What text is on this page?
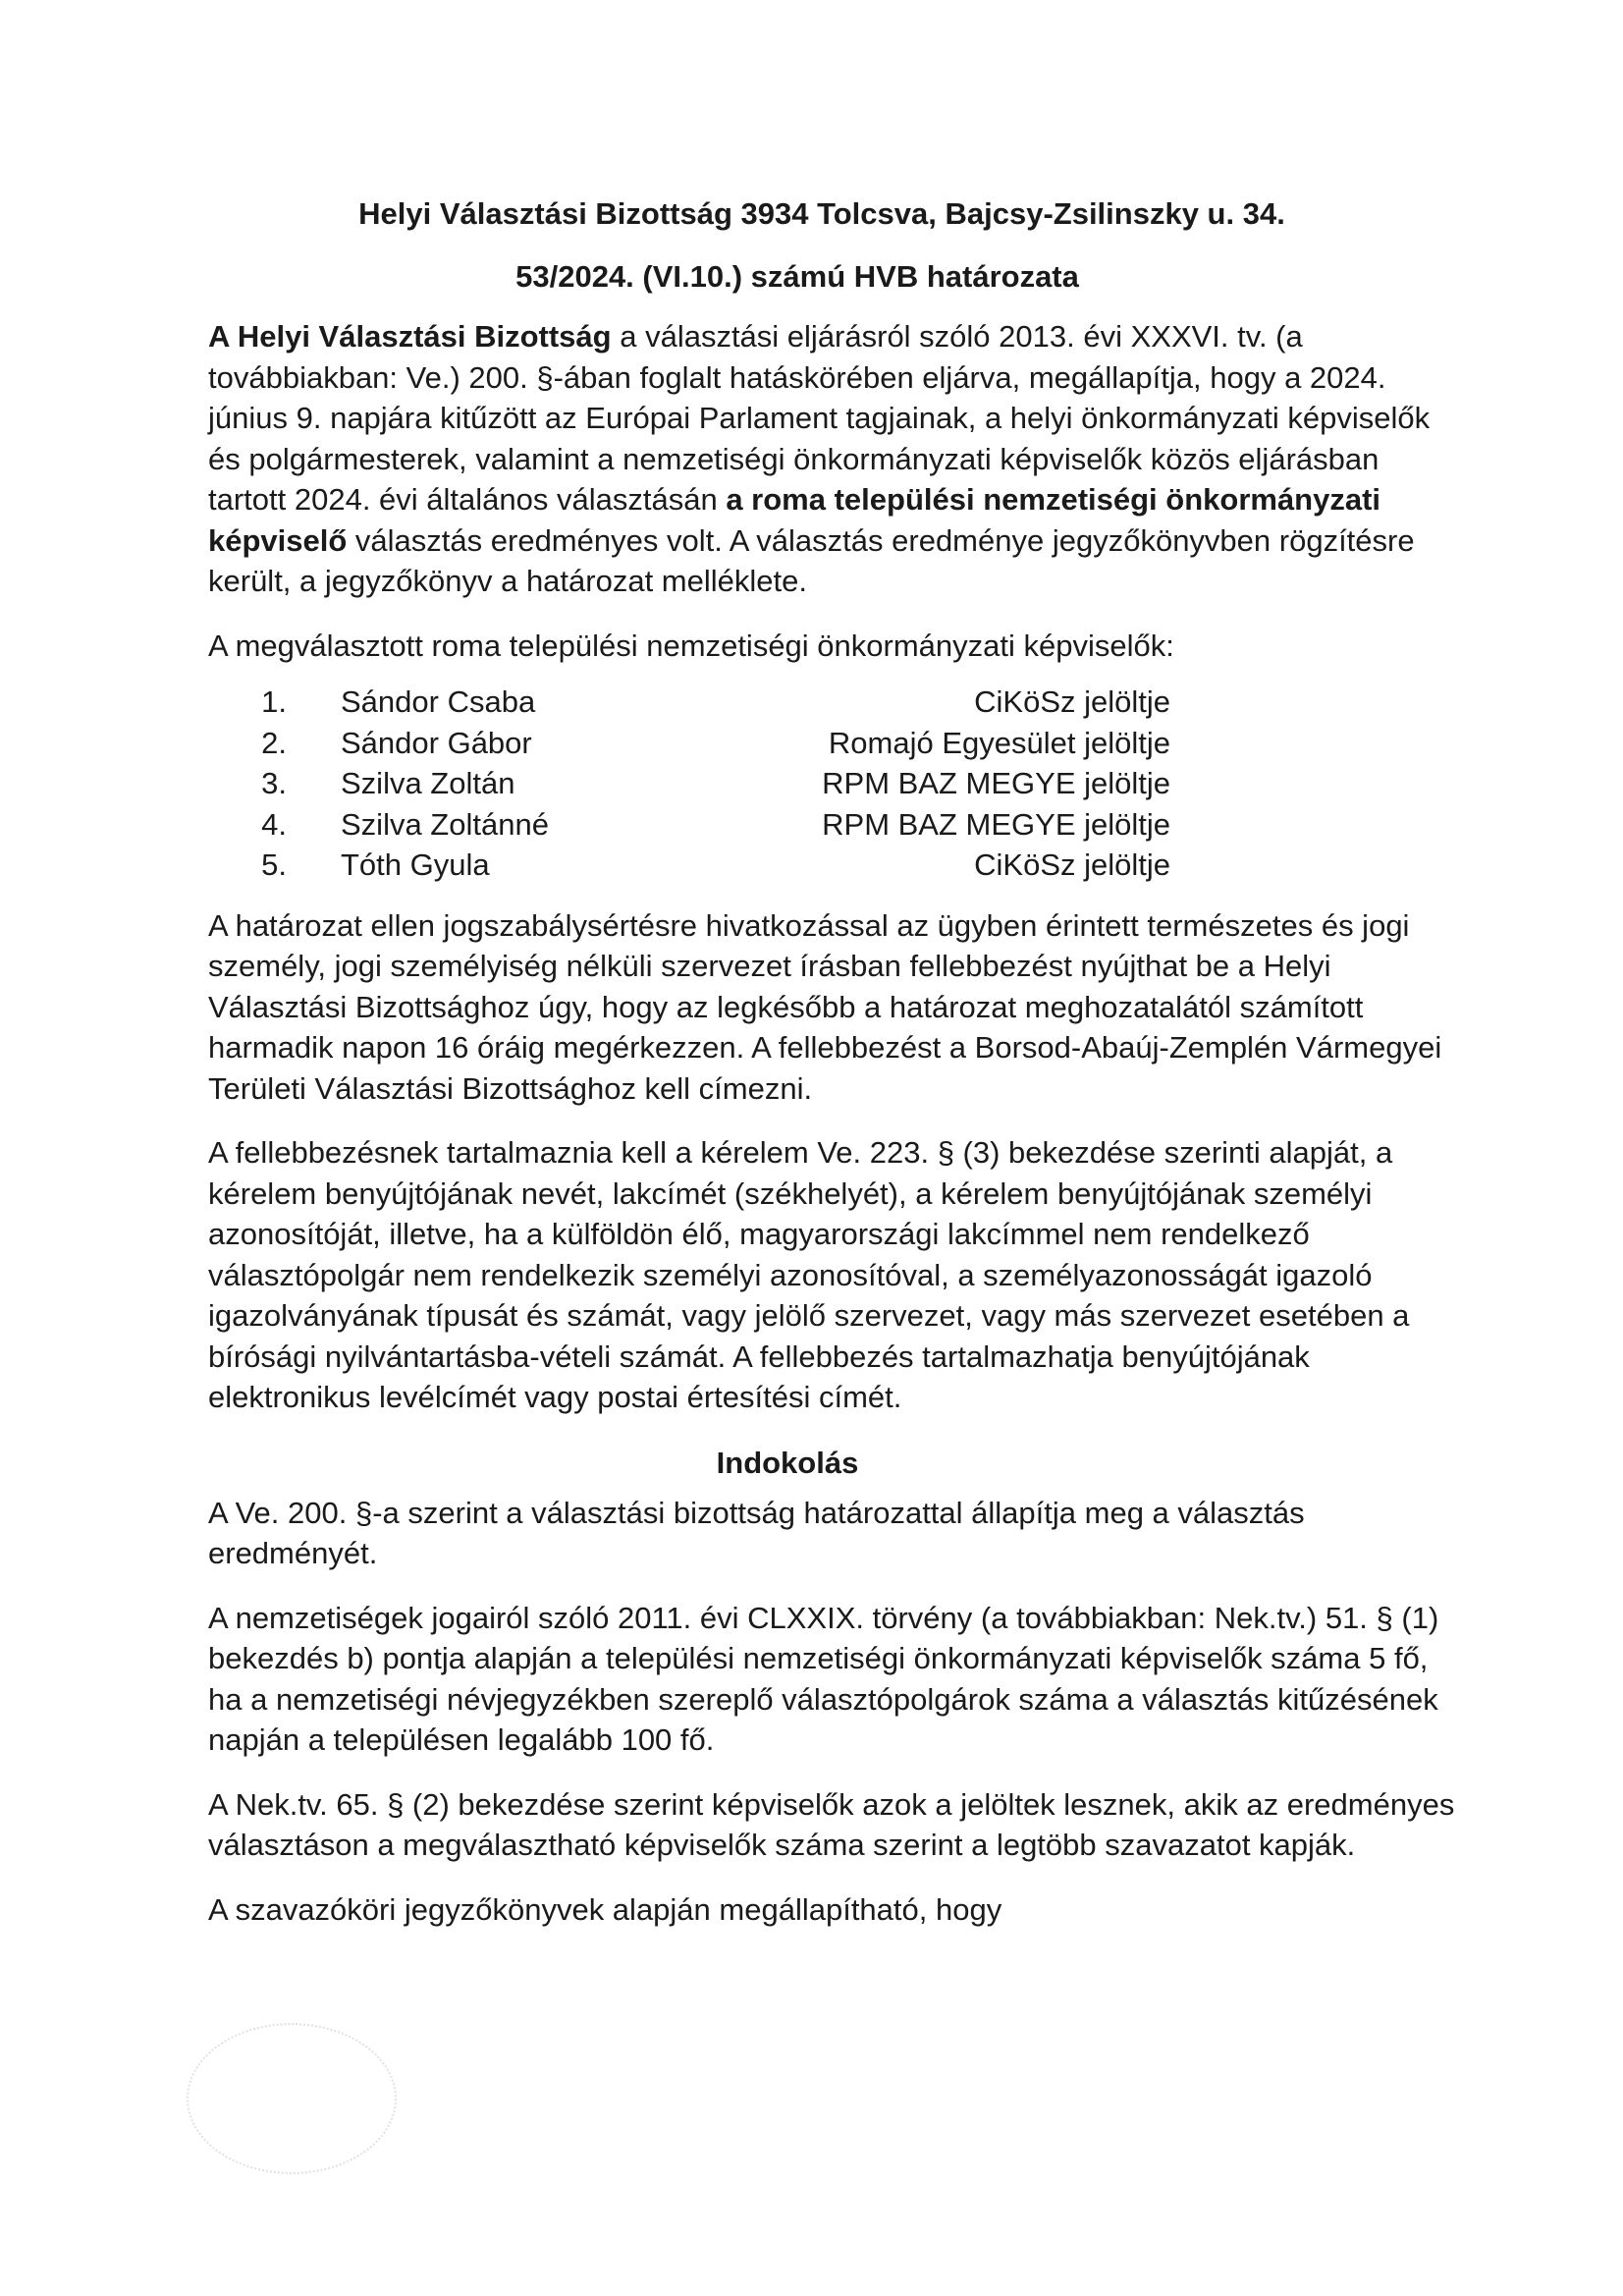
Helyi Választási Bizottság 3934 Tolcsva, Bajcsy-Zsilinszky u. 34.
53/2024. (VI.10.) számú HVB határozata

A Helyi Választási Bizottság a választási eljárásról szóló 2013. évi XXXVI. tv. (a továbbiakban: Ve.) 200. §-ában foglalt hatáskörében eljárva, megállapítja, hogy a 2024. június 9. napjára kitűzött az Európai Parlament tagjainak, a helyi önkormányzati képviselők és polgármesterek, valamint a nemzetiségi önkormányzati képviselők közös eljárásban tartott 2024. évi általános választásán a roma települési nemzetiségi önkormányzati képviselő választás eredményes volt. A választás eredménye jegyzőkönyvben rögzítésre került, a jegyzőkönyv a határozat melléklete.

A megválasztott roma települési nemzetiségi önkormányzati képviselők:

1. Sándor Csaba	CiKöSz jelöltje
2. Sándor Gábor	Romajó Egyesület jelöltje
3. Szilva Zoltán	RPM BAZ MEGYE jelöltje
4. Szilva Zoltánné	RPM BAZ MEGYE jelöltje
5. Tóth Gyula	CiKöSz jelöltje

A határozat ellen jogszabálysértésre hivatkozással az ügyben érintett természetes és jogi személy, jogi személyiség nélküli szervezet írásban fellebbezést nyújthat be a Helyi Választási Bizottsághoz úgy, hogy az legkésőbb a határozat meghozatalától számított harmadik napon 16 óráig megérkezzen. A fellebbezést a Borsod-Abaúj-Zemplén Vármegyei Területi Választási Bizottsághoz kell címezni.

A fellebbezésnek tartalmaznia kell a kérelem Ve. 223. § (3) bekezdése szerinti alapját, a kérelem benyújtójának nevét, lakcímét (székhelyét), a kérelem benyújtójának személyi azonosítóját, illetve, ha a külföldön élő, magyarországi lakcímmel nem rendelkező választópolgár nem rendelkezik személyi azonosítóval, a személyazonosságát igazoló igazolványának típusát és számát, vagy jelölő szervezet, vagy más szervezet esetében a bírósági nyilvántartásba-vételi számát. A fellebbezés tartalmazhatja benyújtójának elektronikus levélcímét vagy postai értesítési címét.

Indokolás

A Ve. 200. §-a szerint a választási bizottság határozattal állapítja meg a választás eredményét.

A nemzetiségek jogairól szóló 2011. évi CLXXIX. törvény (a továbbiakban: Nek.tv.) 51. § (1) bekezdés b) pontja alapján a települési nemzetiségi önkormányzati képviselők száma 5 fő, ha a nemzetiségi névjegyzékben szereplő választópolgárok száma a választás kitűzésének napján a településen legalább 100 fő.

A Nek.tv. 65. § (2) bekezdése szerint képviselők azok a jelöltek lesznek, akik az eredményes választáson a megválasztható képviselők száma szerint a legtöbb szavazatot kapják.

A szavazóköri jegyzőkönyvek alapján megállapítható, hogy
